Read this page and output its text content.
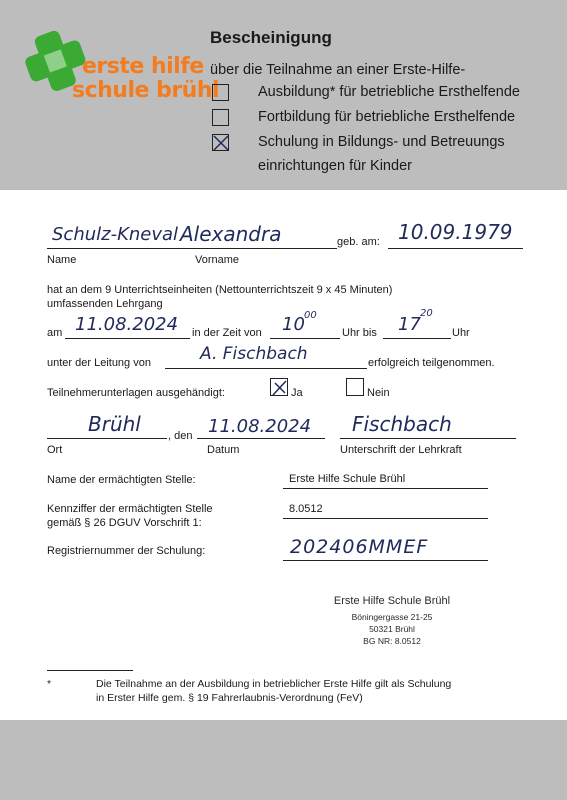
erste hilfe
schule brühl
Bescheinigung
über die Teilnahme an einer Erste-Hilfe-
Ausbildung* für betriebliche Ersthelfende
Fortbildung für betriebliche Ersthelfende
Schulung in Bildungs- und Betreuungs
einrichtungen für Kinder
Schulz-Kneval Alexandra	geb. am: 10.09.1979
Name	Vorname
hat an dem 9 Unterrichtseinheiten (Nettounterrichtszeit 9 x 45 Minuten)
umfassenden Lehrgang
am 11.08.2024 in der Zeit von 10 00
Uhr bis 17
20
Uhr
unter der Leitung von	A. Fischbach	erfolgreich teilgenommen.
Teilnehmerunterlagen ausgehändigt:	Ja	Nein
Brühl , den 11.08.2024 Fischbach
Ort	Datum	Unterschrift der Lehrkraft
Name der ermächtigten Stelle:	Erste Hilfe Schule Brühl
Kennziffer der ermächtigten Stelle
gemäß § 26 DGUV Vorschrift 1:
8.0512
Registriernummer der Schulung:	202406MMEF
Erste Hilfe Schule Brühl
Böningergasse 21-25
50321 Brühl
BG NR: 8.0512
*	Die Teilnahme an der Ausbildung in betrieblicher Erste Hilfe gilt als Schulung
in Erster Hilfe gem. § 19 Fahrerlaubnis-Verordnung (FeV)
